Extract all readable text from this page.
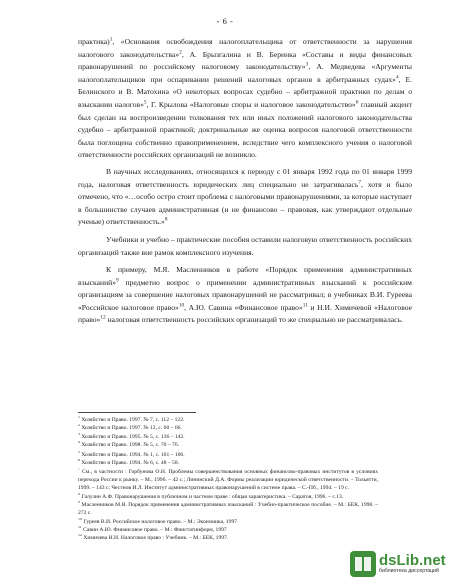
- 6 -

практика)$^1$, «Основания освобождения налогоплательщика от ответственности за нарушения налогового законодательства»$^2$, А. Брызгалина и В. Беринка «Составы и виды финансовых правонарушений по российскому налоговому законодательству»$^3$, А. Медведева «Аргументы налогоплательщиков при оспаривании решений налоговых органов в арбитражных судах»$^4$, Е. Белинского и В. Матохина «О некоторых вопросах судебно – арбитражной практики по делам о взыскании налогов»$^5$, Г. Крылова «Налоговые споры и налоговое законодательство»$^6$ главный акцент был сделан на воспроизведении толкования тех или иных положений налогового законодательства судебно – арбитражной практикой; доктринальные же оценка вопросов налоговой ответственности была поглощена собственно правоприменением, вследствие чего комплексного учения о налоговой ответственности российских организаций не возникло.

В научных исследованиях, относящихся к периоду с 01 января 1992 года по 01 января 1999 года, налоговая ответственность юридических лиц специально не затрагивалась$^7$, хотя и было отмечено, что «…особо остро стоит проблема с налоговыми правонарушениями, за которые наступает в большинстве случаев административная (и не финансово – правовая, как утверждают отдельные ученые) ответственность.»$^8$

Учебники и учебно – практические пособия оставили налоговую ответственность российских организаций также вне рамок комплексного изучения.

К примеру, М.Я. Масленников в работе «Порядок применения административных взысканий»$^9$ предметно вопрос о применении административных взысканий к российским организациям за совершение налоговых правонарушений не рассматривал; в учебниках В.И. Гуреева «Российское налоговое право»$^{10}$, А.Ю. Савина «Финансовое право»$^{11}$ и Н.И. Химичевой «Налоговое право»$^{12}$ налоговая ответственность российских организаций то же специально не рассматривалась.

$^1$ Хозяйство и Право. 1997. № 7, с. 112 – 122.
$^2$ Хозяйство и Право. 1997. № 12, с. 60 – 66.
$^3$ Хозяйство и Право. 1995. № 5, с. 136 – 142.
$^4$ Хозяйство и Право. 1998. № 5, с. 70 – 76.
$^5$ Хозяйство и Право. 1994. № 1, с. 101 – 106.
$^6$ Хозяйство и Право. 1994. № 6, с. 48 – 58.
$^7$ См., в частности : Горбунова О.Н. Проблемы совершенствования основных финансово-правовых институтов в условиях перехода России к рынку. – М., 1996. – 42 с.; Лининский Д.А. Формы реализации юридической ответственности. – Тольятти, 1999. – 143 с; Честнов И.Л. Институт административных правонарушений в системе права. – С.-Пб., 1994. – 19 с.
$^8$ Галузин А.Ф. Правонарушения в публичном и частном праве : общая характеристика. – Саратов, 1996. – с.13.
$^9$ Масленников М.Я. Порядок применения административных взысканий : Учебно-практическое пособие. – М.: БЕК, 1998. – 272 с.
$^{10}$ Гуреев В.И. Российское налоговое право. – М.: Экономика, 1997
$^{11}$ Савин А.Ю. Финансовое право. – М.: Финстатинформ, 1997
$^{12}$ Химичева Н.И. Налоговое право : Учебник. – М.: БЕК, 1997.
dsLib.net
библиотека диссертаций
